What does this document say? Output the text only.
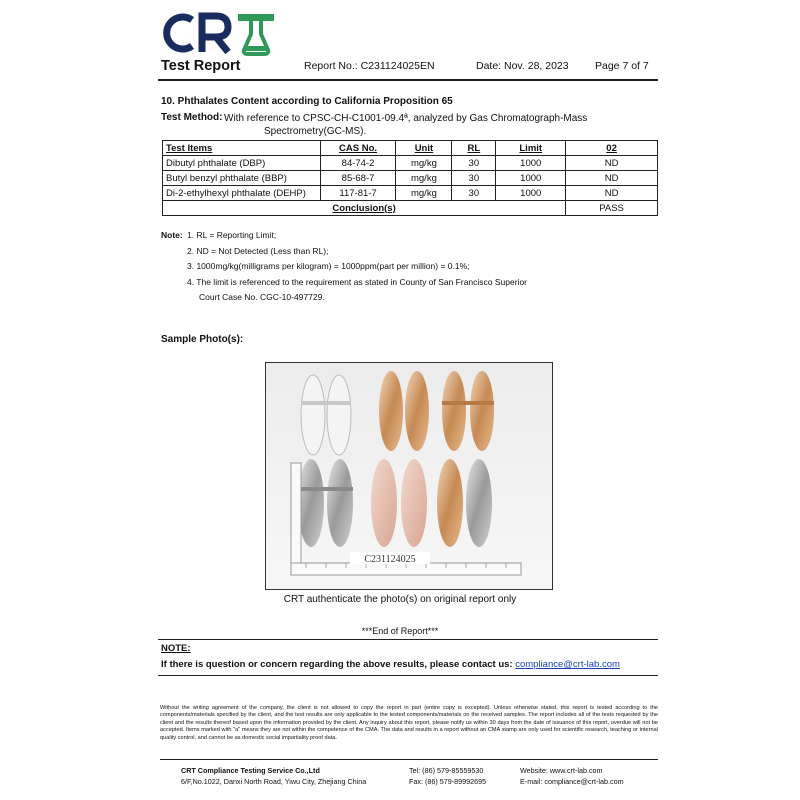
Test Report	Report No.: C231124025EN	Date: Nov. 28, 2023	Page 7 of 7
10. Phthalates Content according to California Proposition 65
Test Method: With reference to CPSC-CH-C1001-09.4ª, analyzed by Gas Chromatograph-Mass
Spectrometry(GC-MS).
Test Items	CAS No.	Unit	RL	Limit	02
Dibutyl phthalate (DBP)	84-74-2	mg/kg	30	1000	ND
Butyl benzyl phthalate (BBP)	85-68-7	mg/kg	30	1000	ND
Di-2-ethylhexyl phthalate (DEHP)	117-81-7	mg/kg	30	1000	ND
Conclusion(s)					PASS
Note: 1. RL = Reporting Limit;
2. ND = Not Detected (Less than RL);
3. 1000mg/kg(milligrams per kilogram) = 1000ppm(part per million) = 0.1%;
4. The limit is referenced to the requirement as stated in County of San Francisco Superior
Court Case No. CGC-10-497729.
Sample Photo(s):
C231124025
CRT authenticate the photo(s) on original report only
***End of Report***
NOTE:
If there is question or concern regarding the above results, please contact us: compliance@crt-lab.com
Without the writing agreement of the company, the client is not allowed to copy the report in part (entire copy is excepted). Unless otherwise stated, this report is tested according to the components/materials specified by the client, and the test results are only applicable to the tested components/materials on the received samples. The report includes all of the tests requested by the client and the results thereof based upon the information provided by the client. Any inquiry about this report, please notify us within 30 days from the date of issuance of this report, overdue will not be accepted. Items marked with "a" means they are not within the competence of the CMA. The data and results in a report without an CMA stamp are only used for scientific research, teaching or internal quality control, and cannot be as domestic social impartiality proof data.
CRT Compliance Testing Service Co.,Ltd
6/F,No.1022, Danxi North Road, Yiwu City, Zhejiang China
Tel: (86) 579-85559530
Fax: (86) 579-89992695
Website: www.crt-lab.com
E-mail: compliance@crt-lab.com
